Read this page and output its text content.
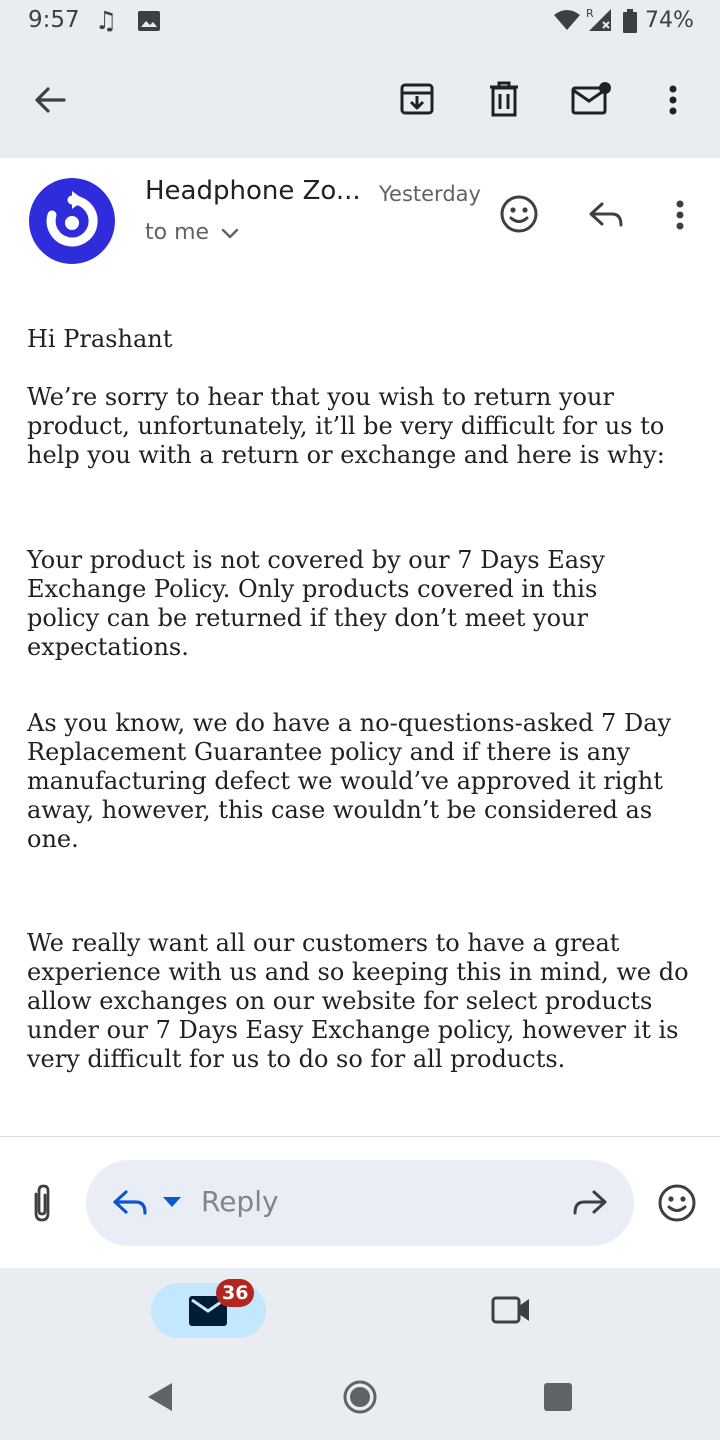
9:57 ♫	R 74%
Headphone Zo... Yesterday
to me

Hi Prashant

We’re sorry to hear that you wish to return your product, unfortunately, it’ll be very difficult for us to help you with a return or exchange and here is why:

Your product is not covered by our 7 Days Easy Exchange Policy. Only products covered in this policy can be returned if they don’t meet your expectations.

As you know, we do have a no-questions-asked 7 Day Replacement Guarantee policy and if there is any manufacturing defect we would’ve approved it right away, however, this case wouldn’t be considered as one.

We really want all our customers to have a great experience with us and so keeping this in mind, we do allow exchanges on our website for select products under our 7 Days Easy Exchange policy, however it is very difficult for us to do so for all products.

Reply
36
